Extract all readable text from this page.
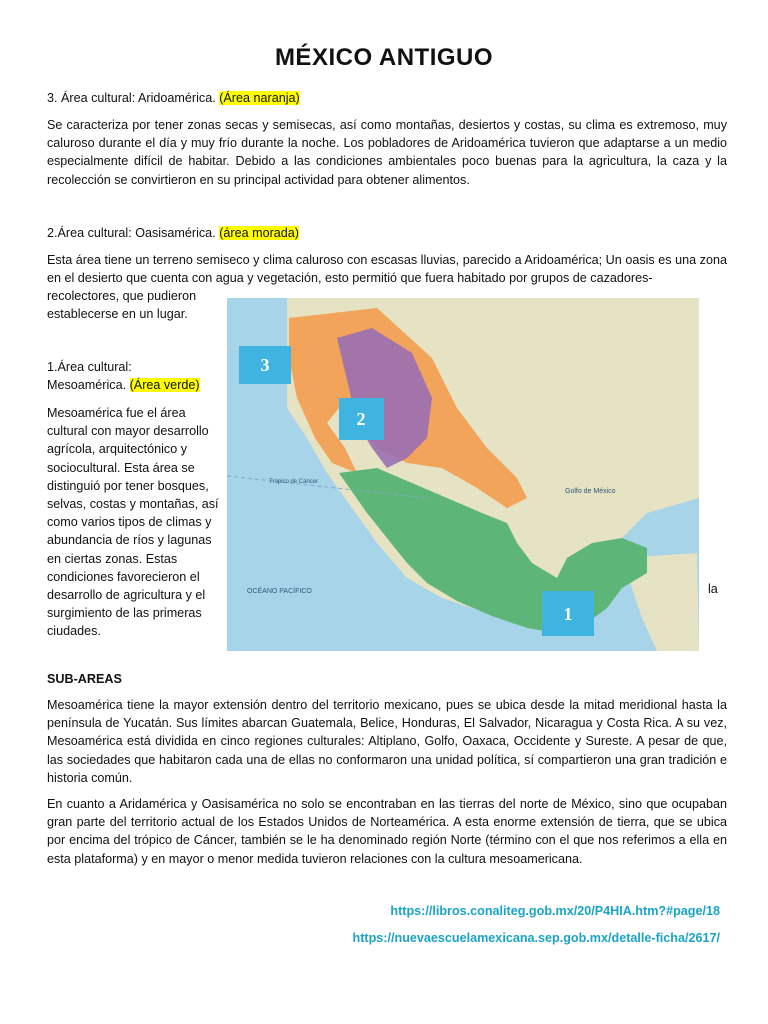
MÉXICO ANTIGUO

3. Área cultural: Aridoamérica. (Área naranja)

Se caracteriza por tener zonas secas y semisecas, así como montañas, desiertos y costas, su clima es extremoso, muy caluroso durante el día y muy frío durante la noche. Los pobladores de Aridoamérica tuvieron que adaptarse a un medio especialmente difícil de habitar. Debido a las condiciones ambientales poco buenas para la agricultura, la caza y la recolección se convirtieron en su principal actividad para obtener alimentos.

2.Área cultural: Oasisamérica. (área morada)

Esta área tiene un terreno semiseco y clima caluroso con escasas lluvias, parecido a Aridoamérica; Un oasis es una zona en el desierto que cuenta con agua y vegetación, esto permitió que fuera habitado por grupos de cazadores-

recolectores, que pudieron establecerse en un lugar.

1.Área cultural:
Mesoamérica. (Área verde)

Mesoamérica fue el área cultural con mayor desarrollo agrícola, arquitectónico y sociocultural. Esta área se distinguió por tener bosques, selvas, costas y montañas, así como varios tipos de climas y abundancia de ríos y lagunas en ciertas zonas. Estas condiciones favorecieron el desarrollo de agricultura y el surgimiento de las primeras ciudades.

la
Trópico de Cáncer
3
2
1
Golfo de México
OCÉANO PACÍFICO

SUB-AREAS

Mesoamérica tiene la mayor extensión dentro del territorio mexicano, pues se ubica desde la mitad meridional hasta la península de Yucatán. Sus límites abarcan Guatemala, Belice, Honduras, El Salvador, Nicaragua y Costa Rica. A su vez, Mesoamérica está dividida en cinco regiones culturales: Altiplano, Golfo, Oaxaca, Occidente y Sureste. A pesar de que, las sociedades que habitaron cada una de ellas no conformaron una unidad política, sí compartieron una gran tradición e historia común.

En cuanto a Aridamérica y Oasisamérica no solo se encontraban en las tierras del norte de México, sino que ocupaban gran parte del territorio actual de los Estados Unidos de Norteamérica. A esta enorme extensión de tierra, que se ubica por encima del trópico de Cáncer, también se le ha denominado región Norte (término con el que nos referimos a ella en esta plataforma) y en mayor o menor medida tuvieron relaciones con la cultura mesoamericana.

https://libros.conaliteg.gob.mx/20/P4HIA.htm?#page/18
https://nuevaescuelamexicana.sep.gob.mx/detalle-ficha/2617/
